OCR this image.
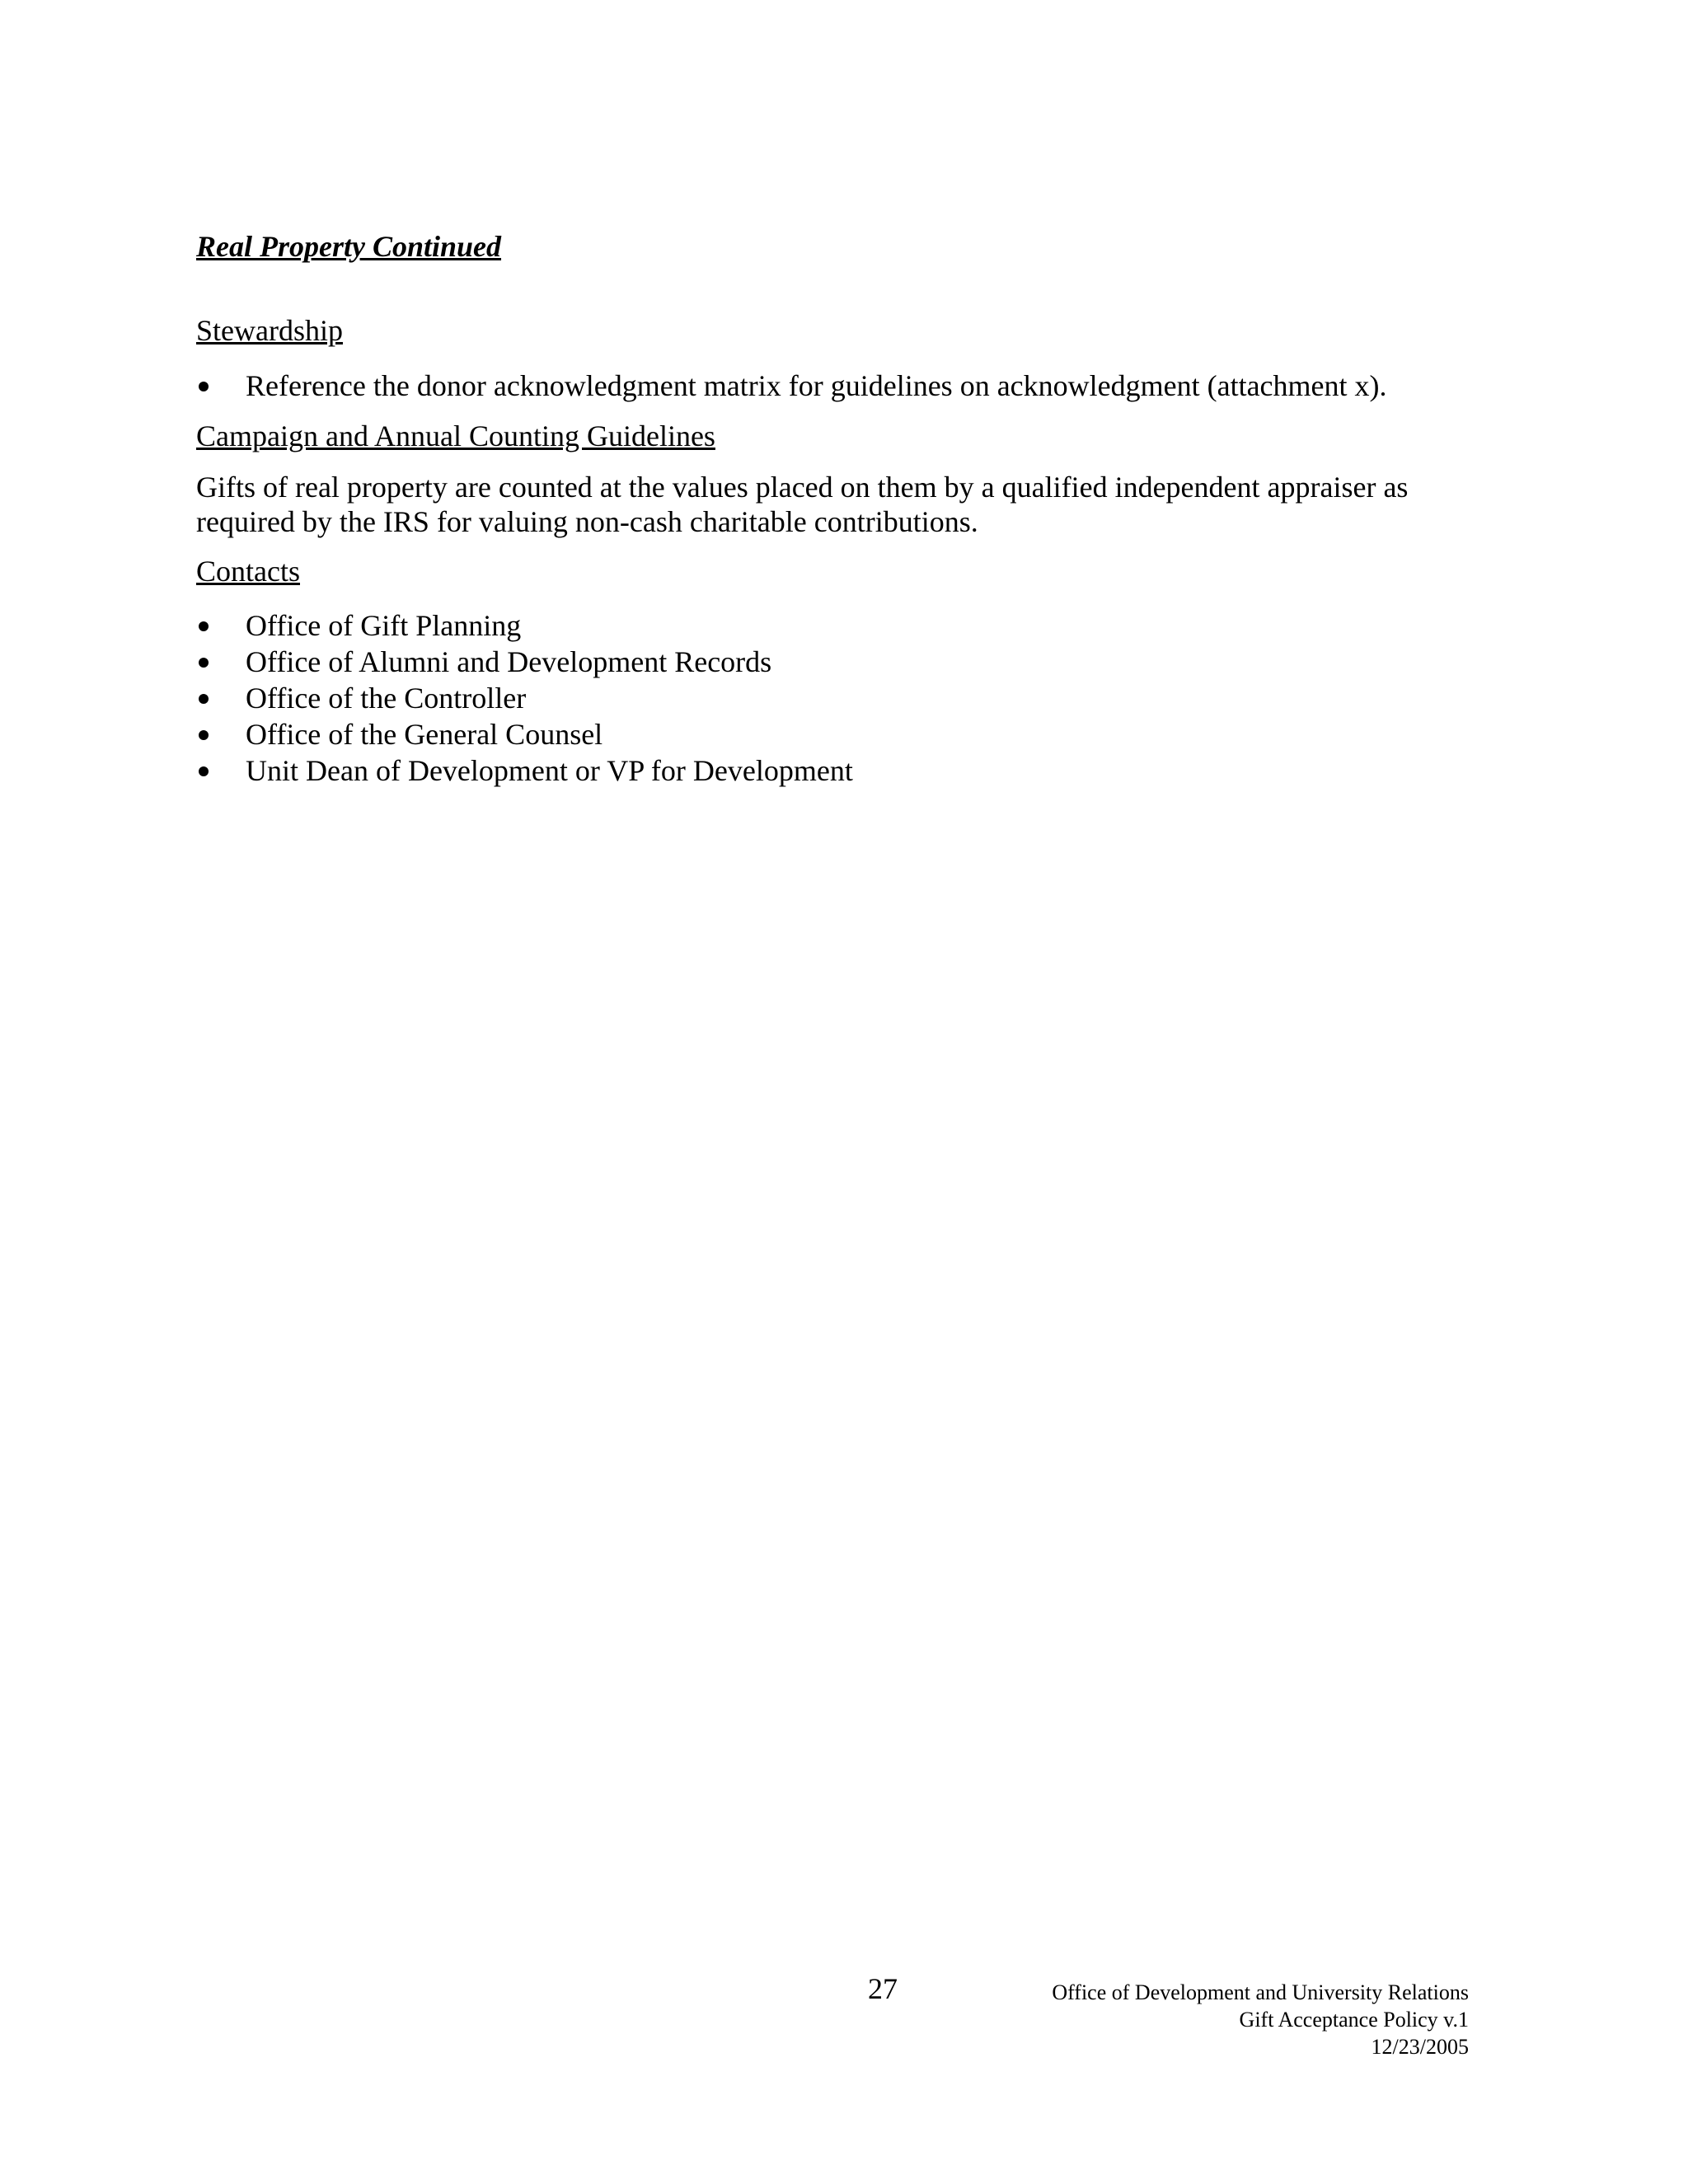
Real Property Continued
Stewardship
Reference the donor acknowledgment matrix for guidelines on acknowledgment (attachment x).
Campaign and Annual Counting Guidelines

Gifts of real property are counted at the values placed on them by a qualified independent appraiser as required by the IRS for valuing non-cash charitable contributions.

Contacts
Office of Gift Planning
Office of Alumni and Development Records
Office of the Controller
Office of the General Counsel
Unit Dean of Development or VP for Development
27	Office of Development and University Relations
Gift Acceptance Policy v.1
12/23/2005
